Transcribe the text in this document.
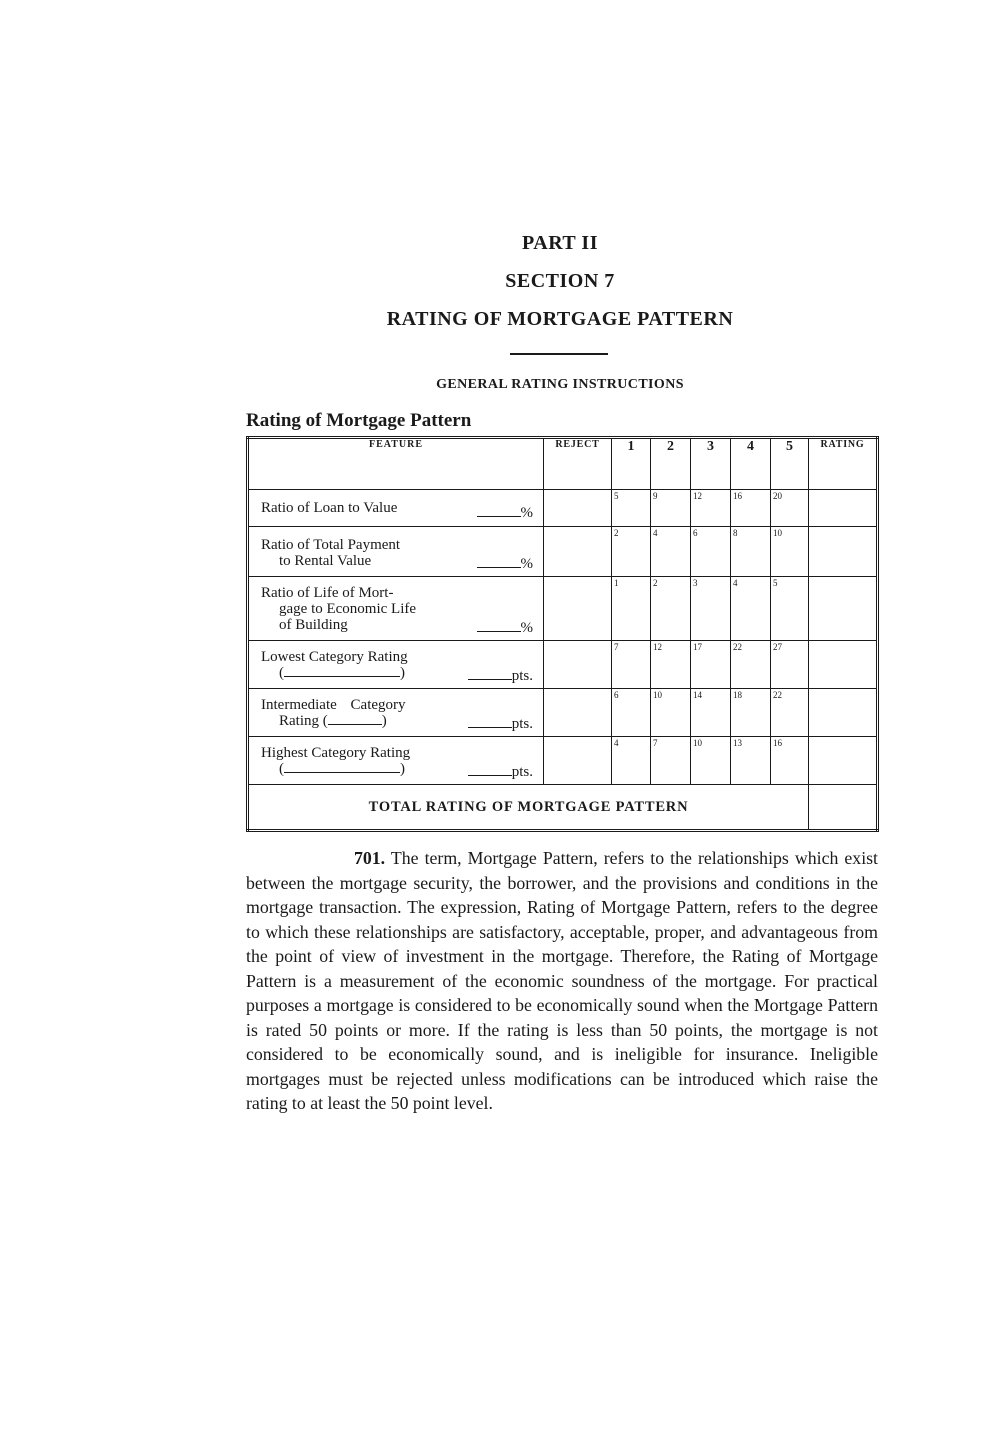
PART II
SECTION 7
RATING OF MORTGAGE PATTERN
GENERAL RATING INSTRUCTIONS
Rating of Mortgage Pattern
FEATURE	REJECT	1	2	3	4	5	RATING

Ratio of Loan to Value %		5	9	12	16	20	

Ratio of Total Payment
to Rental Value %		2	4	6	8	10	

Ratio of Life of Mort-
gage to Economic Life
of Building %		1	2	3	4	5	

Lowest Category Rating
( ) pts.		7	12	17	22	27	

Intermediate Category
Rating ( ) pts.		6	10	14	18	22	

Highest Category Rating
( ) pts.		4	7	10	13	16	
TOTAL RATING OF MORTGAGE PATTERN							

701. The term, Mortgage Pattern, refers to the relationships which exist between the mortgage security, the borrower, and the provisions and conditions in the mortgage transaction. The expression, Rating of Mortgage Pattern, refers to the degree to which these relationships are satisfactory, acceptable, proper, and advantageous from the point of view of investment in the mortgage. Therefore, the Rating of Mortgage Pattern is a measurement of the economic soundness of the mortgage. For practical purposes a mortgage is considered to be economically sound when the Mortgage Pattern is rated 50 points or more. If the rating is less than 50 points, the mortgage is not considered to be economically sound, and is ineligible for insurance. Ineligible mortgages must be rejected unless modifications can be introduced which raise the rating to at least the 50 point level.
